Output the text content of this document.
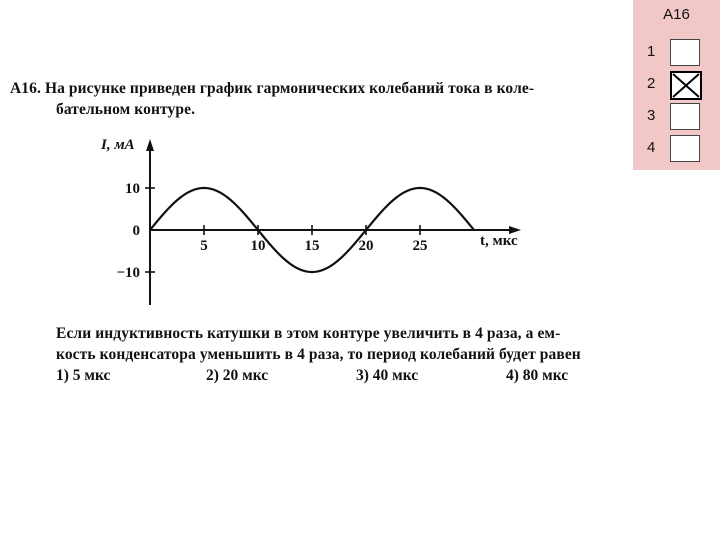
А16
1
2
3
4
А16. На рисунке приведен график гармонических колебаний тока в коле-
бательном контуре.
5	10	15	20	25
10
0
−10
I, мА
t, мкс
Если индуктивность катушки в этом контуре увеличить в 4 раза, а ем-
кость конденсатора уменьшить в 4 раза, то период колебаний будет равен
1) 5 мкс	2) 20 мкс	3) 40 мкс	4) 80 мкс
